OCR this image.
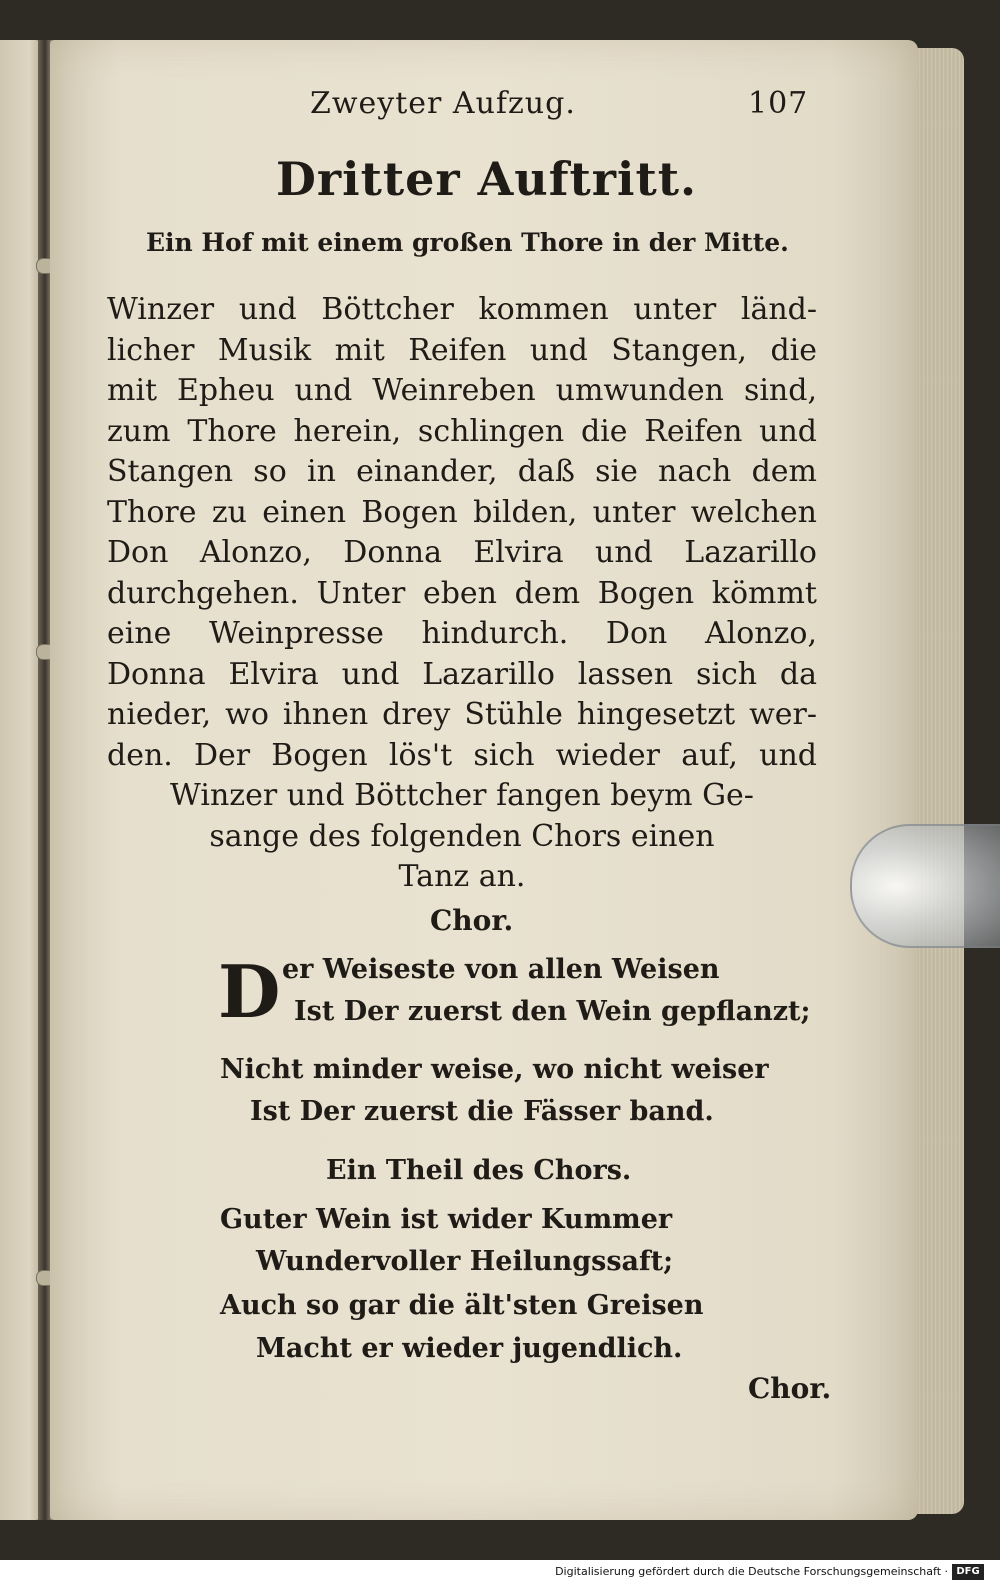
Zweyter Aufzug.	107
Dritter Auftritt.
Ein Hof mit einem großen Thore in der Mitte.
Winzer und Böttcher kommen unter länd-
licher Musik mit Reifen und Stangen, die
mit Epheu und Weinreben umwunden sind,
zum Thore herein, schlingen die Reifen und
Stangen so in einander, daß sie nach dem
Thore zu einen Bogen bilden, unter welchen
Don Alonzo, Donna Elvira und Lazarillo
durchgehen. Unter eben dem Bogen kömmt
eine Weinpresse hindurch. Don Alonzo,
Donna Elvira und Lazarillo lassen sich da
nieder, wo ihnen drey Stühle hingesetzt wer-
den. Der Bogen lös't sich wieder auf, und
Winzer und Böttcher fangen beym Ge-
sange des folgenden Chors einen
Tanz an.
Chor.
D er Weiseste von allen Weisen
Ist Der zuerst den Wein gepflanzt;
Nicht minder weise, wo nicht weiser
Ist Der zuerst die Fässer band.
Ein Theil des Chors.
Guter Wein ist wider Kummer
Wundervoller Heilungssaft;
Auch so gar die ält'sten Greisen
Macht er wieder jugendlich.
Chor.
Digitalisierung gefördert durch die Deutsche Forschungsgemeinschaft · DFG
